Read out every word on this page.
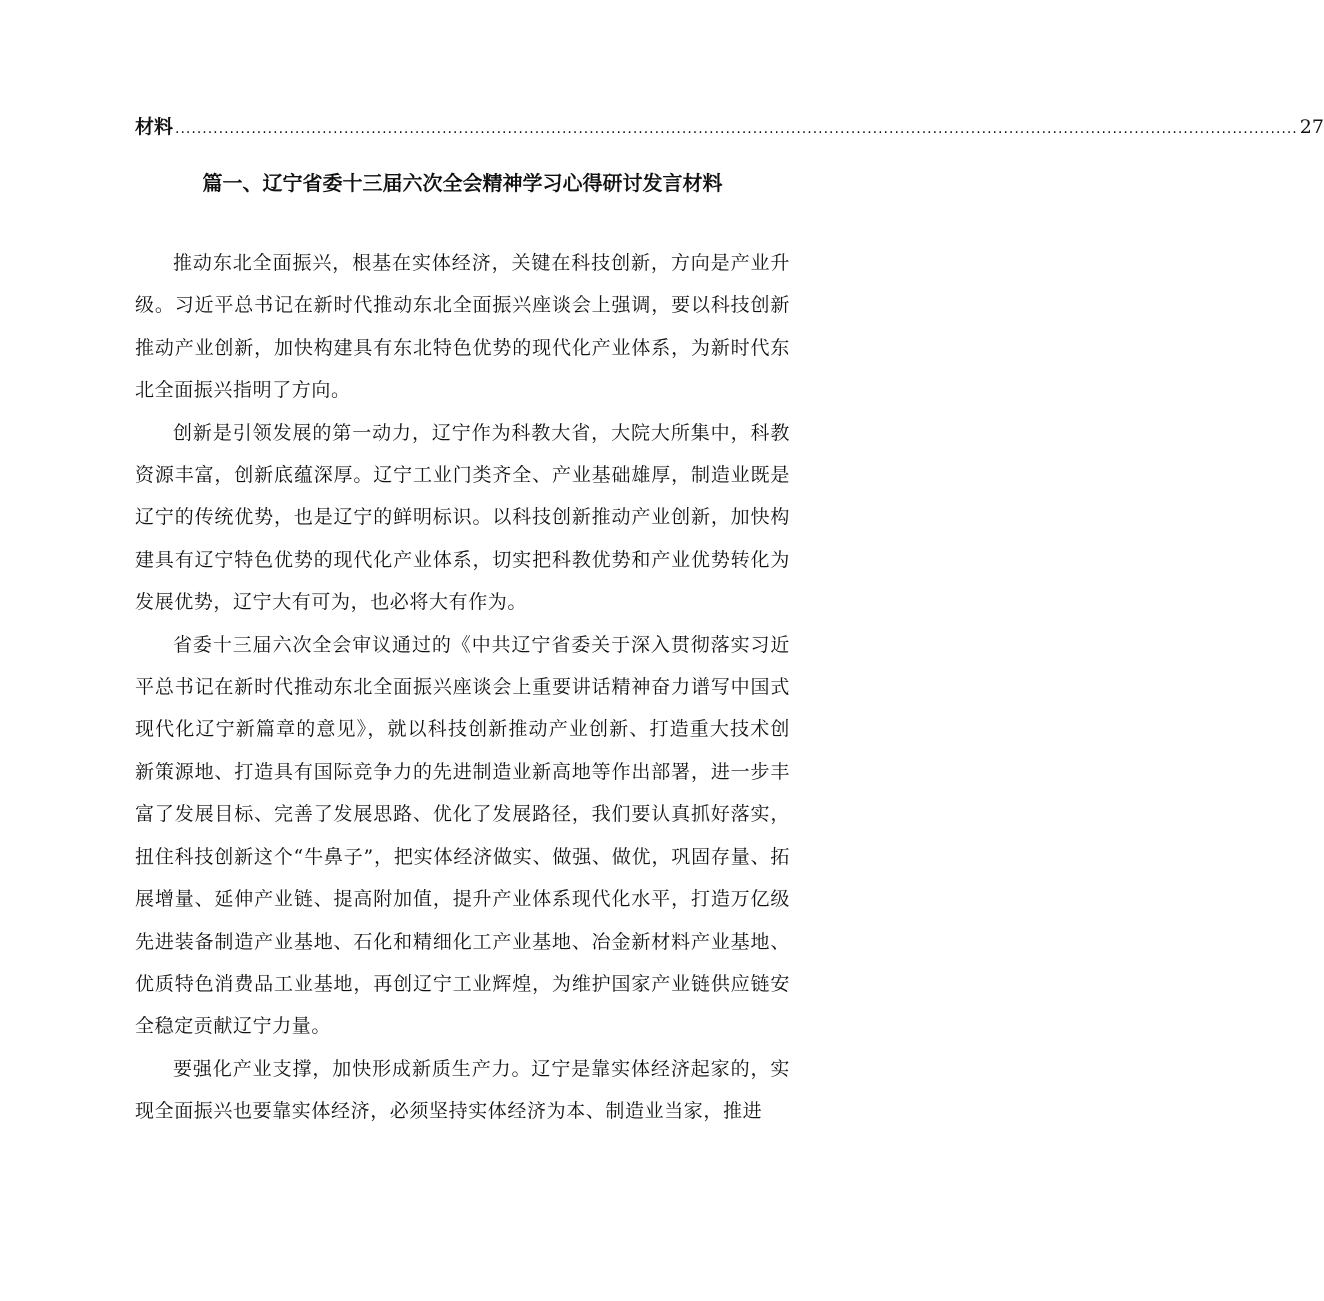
材料 .............................................................................................................................................................................................................. 27
篇一、辽宁省委十三届六次全会精神学习心得研讨发言材料

推动东北全面振兴，根基在实体经济，关键在科技创新，方向是产业升级。习近平总书记在新时代推动东北全面振兴座谈会上强调，要以科技创新推动产业创新，加快构建具有东北特色优势的现代化产业体系，为新时代东北全面振兴指明了方向。

创新是引领发展的第一动力，辽宁作为科教大省，大院大所集中，科教资源丰富，创新底蕴深厚。辽宁工业门类齐全、产业基础雄厚，制造业既是辽宁的传统优势，也是辽宁的鲜明标识。以科技创新推动产业创新，加快构建具有辽宁特色优势的现代化产业体系，切实把科教优势和产业优势转化为发展优势，辽宁大有可为，也必将大有作为。

省委十三届六次全会审议通过的《中共辽宁省委关于深入贯彻落实习近平总书记在新时代推动东北全面振兴座谈会上重要讲话精神奋力谱写中国式现代化辽宁新篇章的意见》，就以科技创新推动产业创新、打造重大技术创新策源地、打造具有国际竞争力的先进制造业新高地等作出部署，进一步丰富了发展目标、完善了发展思路、优化了发展路径，我们要认真抓好落实，扭住科技创新这个“牛鼻子”，把实体经济做实、做强、做优，巩固存量、拓展增量、延伸产业链、提高附加值，提升产业体系现代化水平，打造万亿级先进装备制造产业基地、石化和精细化工产业基地、冶金新材料产业基地、优质特色消费品工业基地，再创辽宁工业辉煌，为维护国家产业链供应链安全稳定贡献辽宁力量。

要强化产业支撑，加快形成新质生产力。辽宁是靠实体经济起家的，实现全面振兴也要靠实体经济，必须坚持实体经济为本、制造业当家，推进
